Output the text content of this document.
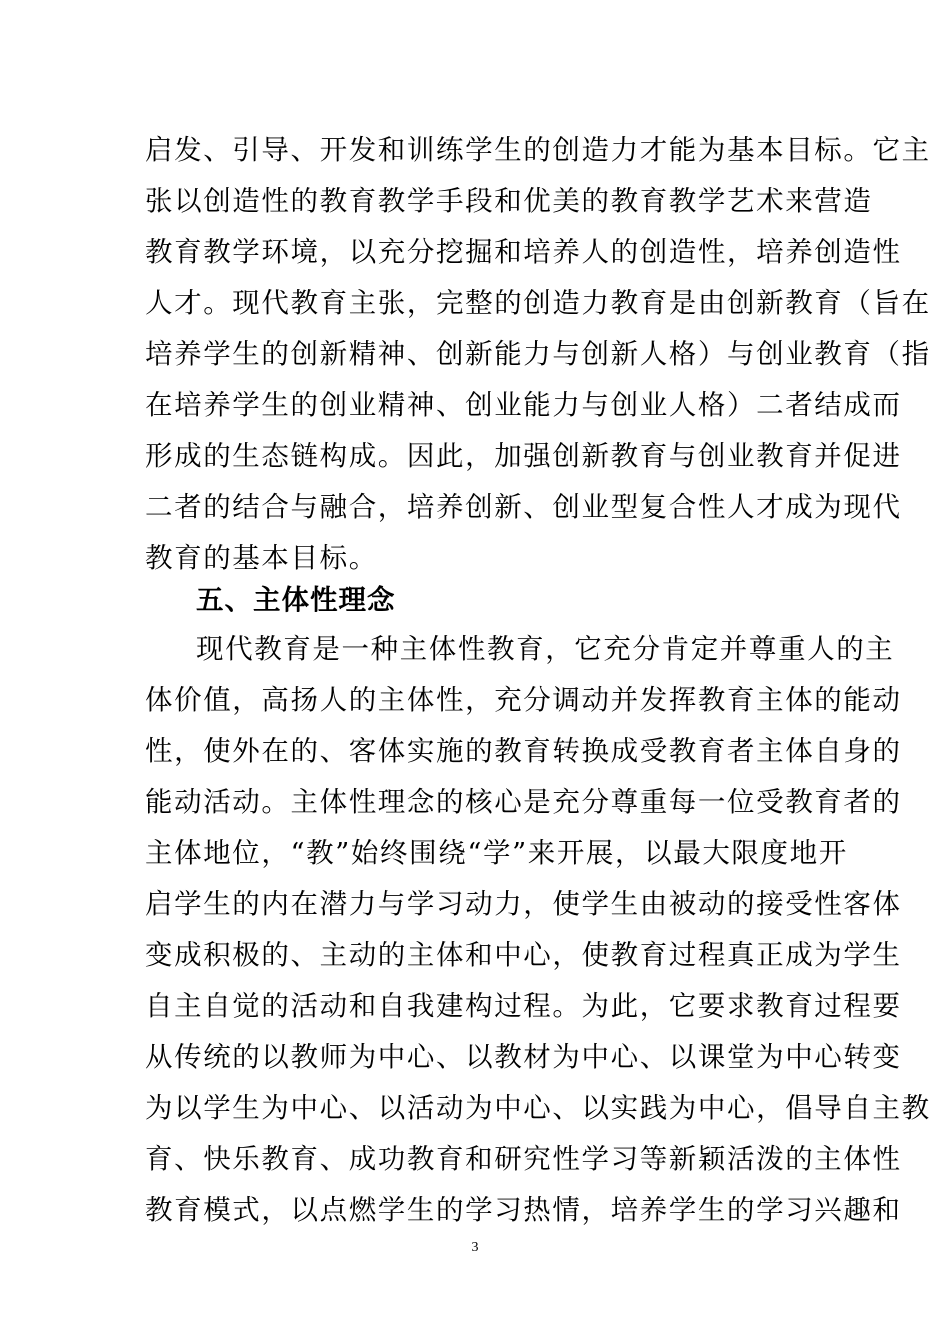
启发、引导、开发和训练学生的创造力才能为基本目标。它主
张以创造性的教育教学手段和优美的教育教学艺术来营造
教育教学环境，以充分挖掘和培养人的创造性，培养创造性
人才。现代教育主张，完整的创造力教育是由创新教育（旨在
培养学生的创新精神、创新能力与创新人格）与创业教育（指
在培养学生的创业精神、创业能力与创业人格）二者结成而
形成的生态链构成。因此，加强创新教育与创业教育并促进
二者的结合与融合，培养创新、创业型复合性人才成为现代
教育的基本目标。
五、主体性理念
现代教育是一种主体性教育，它充分肯定并尊重人的主
体价值，高扬人的主体性，充分调动并发挥教育主体的能动
性，使外在的、客体实施的教育转换成受教育者主体自身的
能动活动。主体性理念的核心是充分尊重每一位受教育者的
主体地位，“教”始终围绕“学”来开展，以最大限度地开
启学生的内在潜力与学习动力，使学生由被动的接受性客体
变成积极的、主动的主体和中心，使教育过程真正成为学生
自主自觉的活动和自我建构过程。为此，它要求教育过程要
从传统的以教师为中心、以教材为中心、以课堂为中心转变
为以学生为中心、以活动为中心、以实践为中心，倡导自主教
育、快乐教育、成功教育和研究性学习等新颖活泼的主体性
教育模式，以点燃学生的学习热情，培养学生的学习兴趣和
3
